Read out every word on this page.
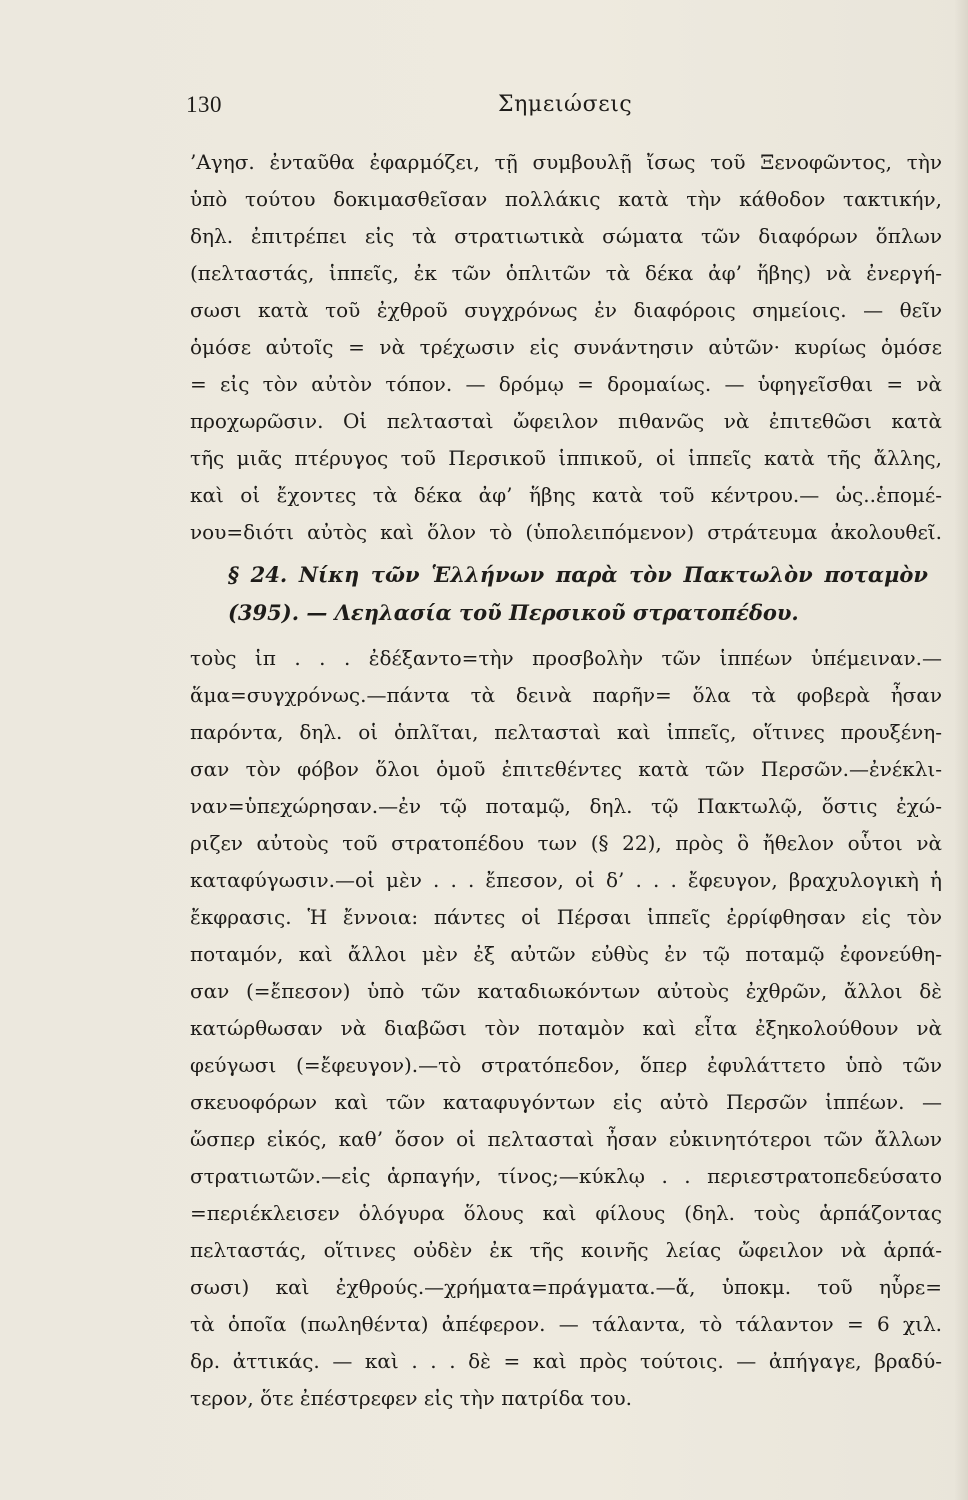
130	Σημειώσεις
’Αγησ. ἐνταῦθα ἐφαρμόζει, τῇ συμβουλῇ ἴσως τοῦ Ξενοφῶντος, τὴν
ὑπὸ τούτου δοκιμασθεῖσαν πολλάκις κατὰ τὴν κάθοδον τακτικήν,
δηλ. ἐπιτρέπει εἰς τὰ στρατιωτικὰ σώματα τῶν διαφόρων ὅπλων
(πελταστάς, ἱππεῖς, ἐκ τῶν ὁπλιτῶν τὰ δέκα ἀφ’ ἥβης) νὰ ἐνεργή-
σωσι κατὰ τοῦ ἐχθροῦ συγχρόνως ἐν διαφόροις σημείοις. — θεῖν
ὁμόσε αὐτοῖς = νὰ τρέχωσιν εἰς συνάντησιν αὐτῶν· κυρίως ὁμόσε
= εἰς τὸν αὐτὸν τόπον. — δρόμῳ = δρομαίως. — ὑφηγεῖσθαι = νὰ
προχωρῶσιν. Οἱ πελτασταὶ ὤφειλον πιθανῶς νὰ ἐπιτεθῶσι κατὰ
τῆς μιᾶς πτέρυγος τοῦ Περσικοῦ ἱππικοῦ, οἱ ἱππεῖς κατὰ τῆς ἄλλης,
καὶ οἱ ἔχοντες τὰ δέκα ἀφ’ ἥβης κατὰ τοῦ κέντρου.— ὡς..ἑπομέ-
νου=διότι αὐτὸς καὶ ὅλον τὸ (ὑπολειπόμενον) στράτευμα ἀκολουθεῖ.
§ 24. Νίκη τῶν Ἑλλήνων παρὰ τὸν Πακτωλὸν ποταμὸν
(395). — Λεηλασία τοῦ Περσικοῦ στρατοπέδου.
τοὺς ἱπ . . . ἐδέξαντο=τὴν προσβολὴν τῶν ἱππέων ὑπέμειναν.—
ἅμα=συγχρόνως.—πάντα τὰ δεινὰ παρῆν= ὅλα τὰ φοβερὰ ἦσαν
παρόντα, δηλ. οἱ ὁπλῖται, πελτασταὶ καὶ ἱππεῖς, οἵτινες προυξένη-
σαν τὸν φόβον ὅλοι ὁμοῦ ἐπιτεθέντες κατὰ τῶν Περσῶν.—ἐνέκλι-
ναν=ὑπεχώρησαν.—ἐν τῷ ποταμῷ, δηλ. τῷ Πακτωλῷ, ὅστις ἐχώ-
ριζεν αὐτοὺς τοῦ στρατοπέδου των (§ 22), πρὸς ὃ ἤθελον οὗτοι νὰ
καταφύγωσιν.—οἱ μὲν . . . ἔπεσον, οἱ δ’ . . . ἔφευγον, βραχυλογικὴ ἡ
ἔκφρασις. Ἡ ἔννοια: πάντες οἱ Πέρσαι ἱππεῖς ἐρρίφθησαν εἰς τὸν
ποταμόν, καὶ ἄλλοι μὲν ἐξ αὐτῶν εὐθὺς ἐν τῷ ποταμῷ ἐφονεύθη-
σαν (=ἔπεσον) ὑπὸ τῶν καταδιωκόντων αὐτοὺς ἐχθρῶν, ἄλλοι δὲ
κατώρθωσαν νὰ διαβῶσι τὸν ποταμὸν καὶ εἶτα ἐξηκολούθουν νὰ
φεύγωσι (=ἔφευγον).—τὸ στρατόπεδον, ὅπερ ἐφυλάττετο ὑπὸ τῶν
σκευοφόρων καὶ τῶν καταφυγόντων εἰς αὐτὸ Περσῶν ἱππέων. —
ὥσπερ εἰκός, καθ’ ὅσον οἱ πελτασταὶ ἦσαν εὐκινητότεροι τῶν ἄλλων
στρατιωτῶν.—εἰς ἁρπαγήν, τίνος;—κύκλῳ . . περιεστρατοπεδεύσατο
=περιέκλεισεν ὁλόγυρα ὅλους καὶ φίλους (δηλ. τοὺς ἁρπάζοντας
πελταστάς, οἵτινες οὐδὲν ἐκ τῆς κοινῆς λείας ὤφειλον νὰ ἁρπά-
σωσι) καὶ ἐχθρούς.—χρήματα=πράγματα.—ἅ, ὑποκμ. τοῦ ηὗρε=
τὰ ὁποῖα (πωληθέντα) ἀπέφερον. — τάλαντα, τὸ τάλαντον = 6 χιλ.
δρ. ἀττικάς. — καὶ . . . δὲ = καὶ πρὸς τούτοις. — ἀπήγαγε, βραδύ-
τερον, ὅτε ἐπέστρεφεν εἰς τὴν πατρίδα του.
